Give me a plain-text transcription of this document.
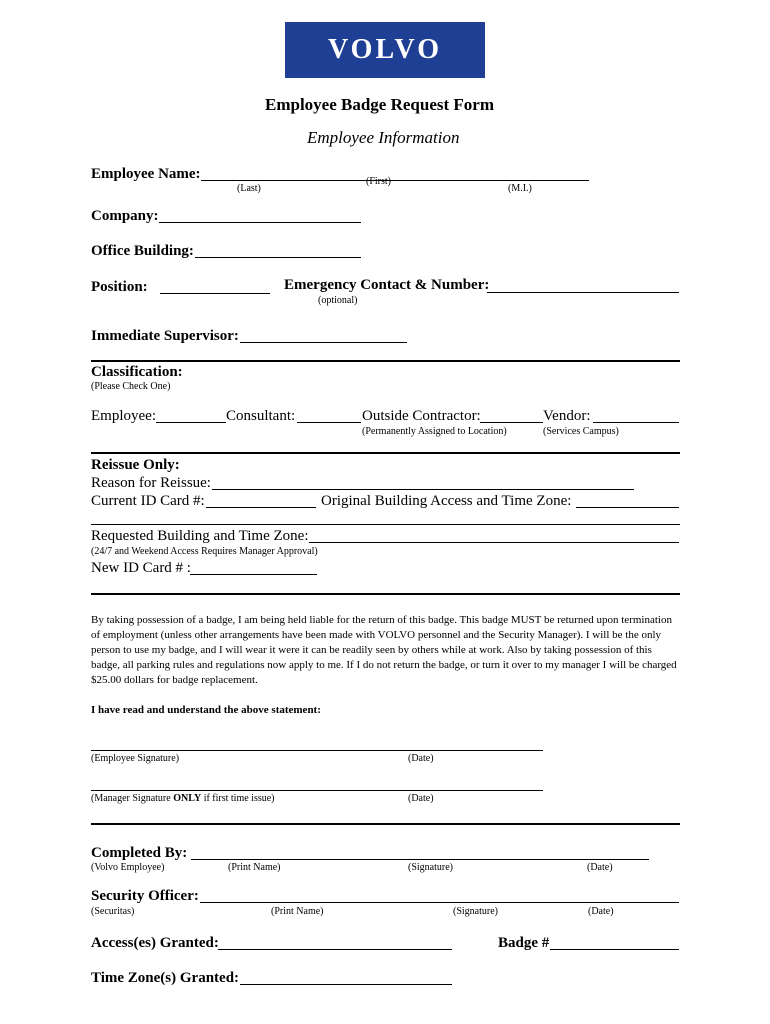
VOLVO
Employee Badge Request Form
Employee Information
Employee Name:
(Last)
(First)
(M.I.)
Company:
Office Building:
Position:	Emergency Contact & Number:
(optional)
Immediate Supervisor:
Classification:
(Please Check One)
Employee:	Consultant:	Outside Contractor:	Vendor:
(Permanently Assigned to Location)	(Services Campus)
Reissue Only:
Reason for Reissue:
Current ID Card #:	Original Building Access and Time Zone:
Requested Building and Time Zone:
(24/7 and Weekend Access Requires Manager Approval)
New ID Card # :
By taking possession of a badge, I am being held liable for the return of this badge. This badge MUST be returned upon termination of employment (unless other arrangements have been made with VOLVO personnel and the Security Manager). I will be the only person to use my badge, and I will wear it were it can be readily seen by others while at work. Also by taking possession of this badge, all parking rules and regulations now apply to me. If I do not return the badge, or turn it over to my manager I will be charged $25.00 dollars for badge replacement.
I have read and understand the above statement:
(Employee Signature)	(Date)
(Manager Signature ONLY if first time issue)	(Date)
Completed By:
(Volvo Employee)	(Print Name)	(Signature)	(Date)
Security Officer:
(Securitas)	(Print Name)	(Signature)	(Date)
Access(es) Granted:	Badge #
Time Zone(s) Granted:
